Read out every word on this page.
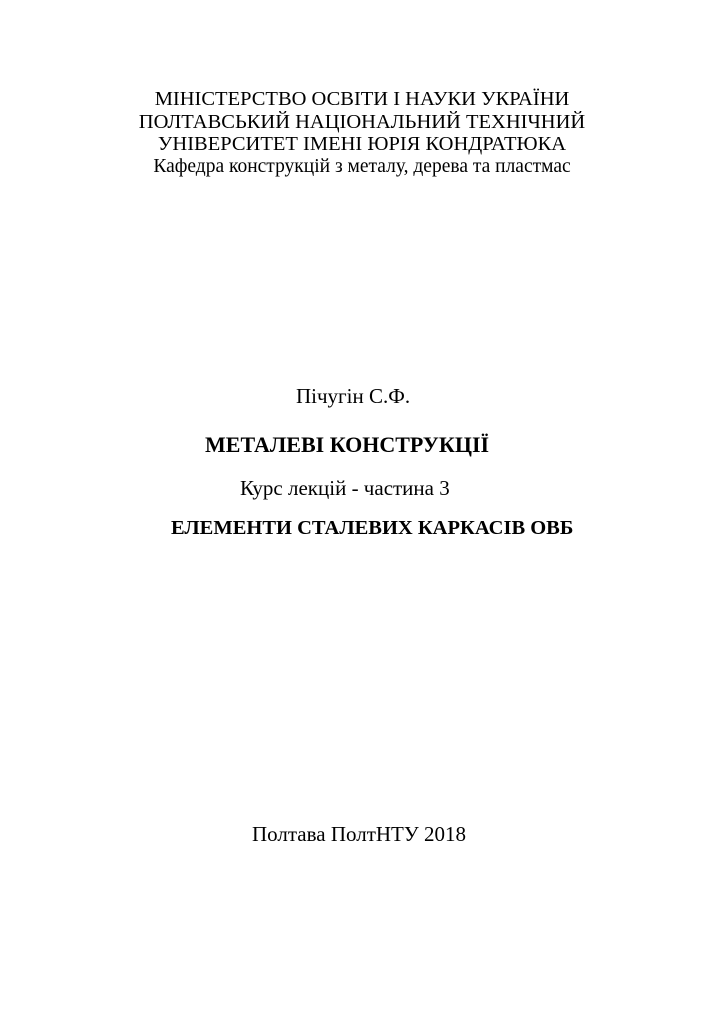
МІНІСТЕРСТВО ОСВІТИ І НАУКИ УКРАЇНИ
ПОЛТАВСЬКИЙ НАЦІОНАЛЬНИЙ ТЕХНІЧНИЙ
УНІВЕРСИТЕТ ІМЕНІ ЮРІЯ КОНДРАТЮКА
Кафедра конструкцій з металу, дерева та пластмас
Пічугін С.Ф.
МЕТАЛЕВІ КОНСТРУКЦІЇ
Курс лекцій - частина 3
ЕЛЕМЕНТИ СТАЛЕВИХ КАРКАСІВ ОВБ
Полтава ПолтНТУ 2018
